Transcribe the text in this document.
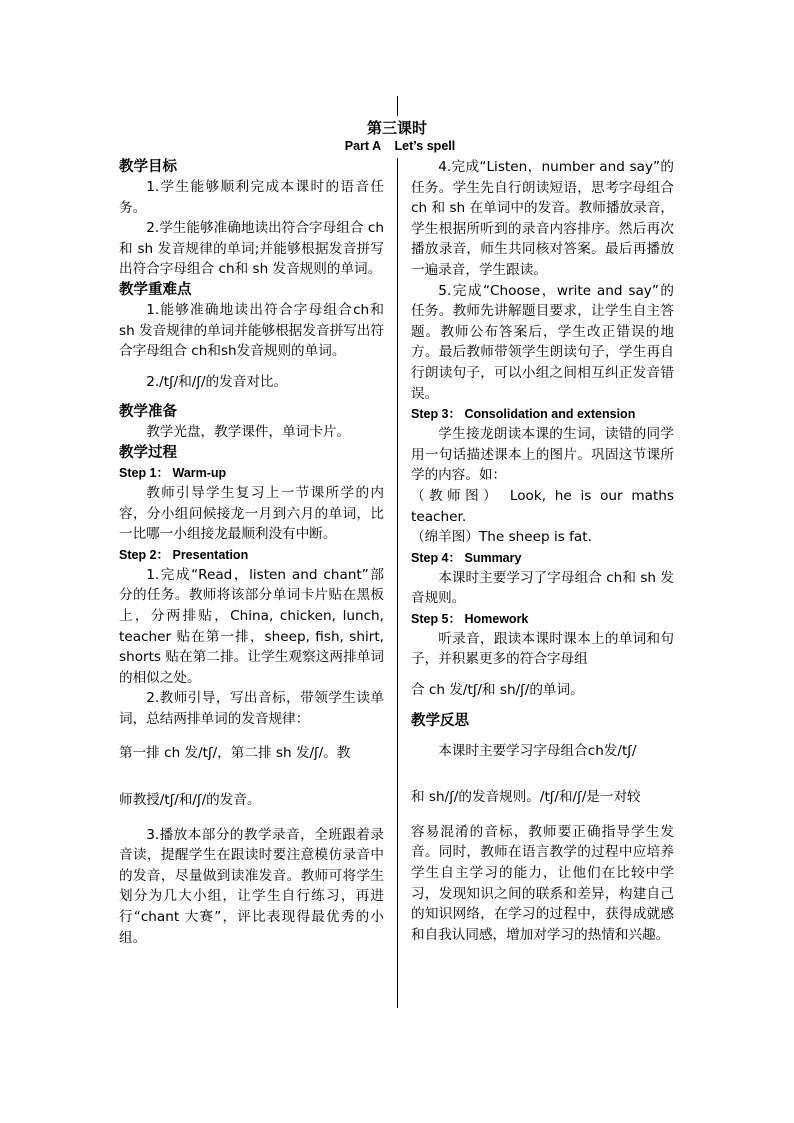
第三课时
Part A    Let’s spell
教学目标

1.学生能够顺利完成本课时的语音任务。

2.学生能够准确地读出符合字母组合 ch 和 sh 发音规律的单词;并能够根据发音拼写出符合字母组合 ch和 sh 发音规则的单词。

教学重难点

1.能够准确地读出符合字母组合ch和 sh 发音规律的单词并能够根据发音拼写出符合字母组合 ch和sh发音规则的单词。

2./tʃ/和/ʃ/的发音对比。

教学准备

教学光盘，教学课件，单词卡片。

教学过程
Step 1： Warm-up

教师引导学生复习上一节课所学的内容，分小组问候接龙一月到六月的单词，比一比哪一小组接龙最顺利没有中断。

Step 2： Presentation

1.完成“Read，listen and chant”部分的任务。教师将该部分单词卡片贴在黑板上，分两排贴，China, chicken, lunch, teacher 贴在第一排，sheep, fish, shirt, shorts 贴在第二排。让学生观察这两排单词的相似之处。

2.教师引导，写出音标，带领学生读单词，总结两排单词的发音规律：

第一排 ch 发/tʃ/，第二排 sh 发/ʃ/。教

师教授/tʃ/和/ʃ/的发音。

3.播放本部分的教学录音，全班跟着录音读，提醒学生在跟读时要注意模仿录音中的发音，尽量做到读准发音。教师可将学生划分为几大小组，让学生自行练习，再进行“chant 大赛”，评比表现得最优秀的小组。

4.完成“Listen，number and say”的任务。学生先自行朗读短语，思考字母组合 ch 和 sh 在单词中的发音。教师播放录音，学生根据所听到的录音内容排序。然后再次播放录音，师生共同核对答案。最后再播放一遍录音，学生跟读。

5.完成“Choose，write and say”的任务。教师先讲解题目要求，让学生自主答题。教师公布答案后，学生改正错误的地方。最后教师带领学生朗读句子，学生再自行朗读句子，可以小组之间相互纠正发音错误。

Step 3： Consolidation and extension

学生接龙朗读本课的生词，读错的同学用一句话描述课本上的图片。巩固这节课所学的内容。如：

（教师图） Look, he is our maths teacher.

（绵羊图）The sheep is fat.

Step 4： Summary

本课时主要学习了字母组合 ch和 sh 发音规则。

Step 5： Homework

听录音，跟读本课时课本上的单词和句子，并积累更多的符合字母组

合 ch 发/tʃ/和 sh/ʃ/的单词。

教学反思

本课时主要学习字母组合ch发/tʃ/

和 sh/ʃ/的发音规则。/tʃ/和/ʃ/是一对较

容易混淆的音标，教师要正确指导学生发音。同时，教师在语言教学的过程中应培养学生自主学习的能力，让他们在比较中学习，发现知识之间的联系和差异，构建自己的知识网络，在学习的过程中，获得成就感和自我认同感，增加对学习的热情和兴趣。
